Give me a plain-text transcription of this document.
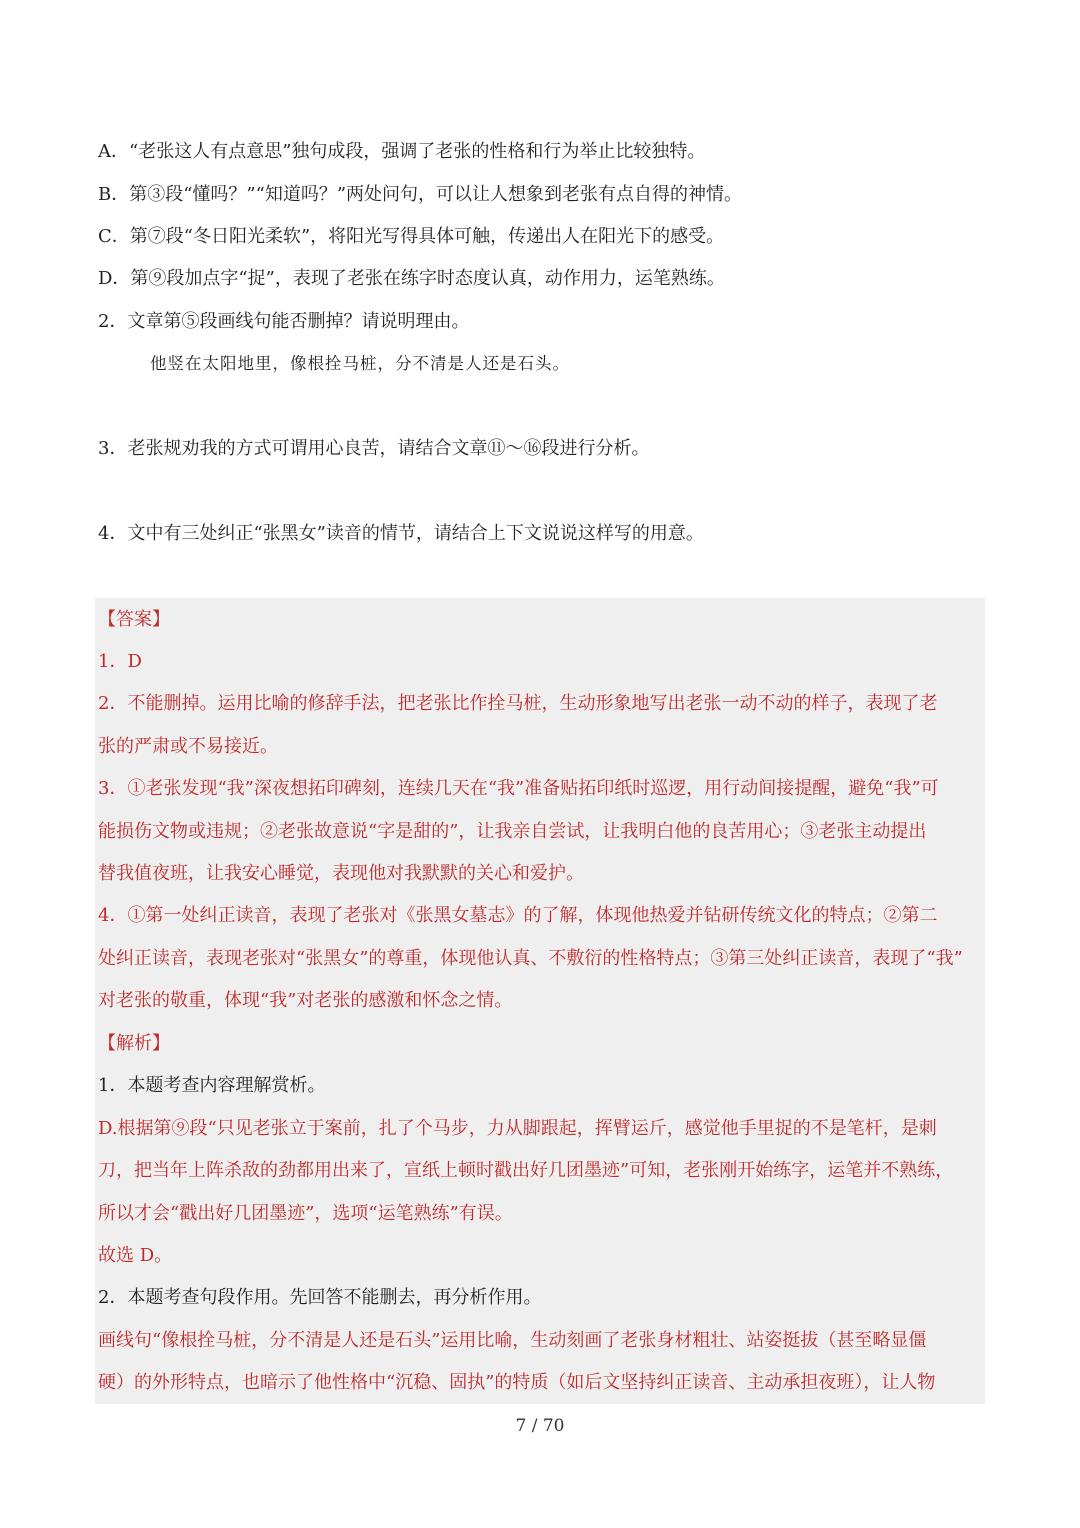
A．“老张这人有点意思”独句成段，强调了老张的性格和行为举止比较独特。
B．第③段“懂吗？”“知道吗？”两处问句，可以让人想象到老张有点自得的神情。
C．第⑦段“冬日阳光柔软”，将阳光写得具体可触，传递出人在阳光下的感受。
D．第⑨段加点字“捉”，表现了老张在练字时态度认真，动作用力，运笔熟练。
2．文章第⑤段画线句能否删掉？请说明理由。
他竖在太阳地里，像根拴马桩，分不清是人还是石头。
3．老张规劝我的方式可谓用心良苦，请结合文章⑪～⑯段进行分析。
4．文中有三处纠正“张黑女”读音的情节，请结合上下文说说这样写的用意。
【答案】
1．D
2．不能删掉。运用比喻的修辞手法，把老张比作拴马桩，生动形象地写出老张一动不动的样子，表现了老
张的严肃或不易接近。
3．①老张发现“我”深夜想拓印碑刻，连续几天在“我”准备贴拓印纸时巡逻，用行动间接提醒，避免“我”可
能损伤文物或违规；②老张故意说“字是甜的”，让我亲自尝试，让我明白他的良苦用心；③老张主动提出
替我值夜班，让我安心睡觉，表现他对我默默的关心和爱护。
4．①第一处纠正读音，表现了老张对《张黑女墓志》的了解，体现他热爱并钻研传统文化的特点；②第二
处纠正读音，表现老张对“张黑女”的尊重，体现他认真、不敷衍的性格特点；③第三处纠正读音，表现了“我”
对老张的敬重，体现“我”对老张的感激和怀念之情。
【解析】
1．本题考查内容理解赏析。
D.根据第⑨段“只见老张立于案前，扎了个马步，力从脚跟起，挥臂运斤，感觉他手里捉的不是笔杆，是刺
刀，把当年上阵杀敌的劲都用出来了，宣纸上顿时戳出好几团墨迹”可知，老张刚开始练字，运笔并不熟练，
所以才会“戳出好几团墨迹”，选项“运笔熟练”有误。
故选 D。
2．本题考查句段作用。先回答不能删去，再分析作用。
画线句“像根拴马桩，分不清是人还是石头”运用比喻，生动刻画了老张身材粗壮、站姿挺拔（甚至略显僵
硬）的外形特点，也暗示了他性格中“沉稳、固执”的特质（如后文坚持纠正读音、主动承担夜班），让人物
7 / 70
